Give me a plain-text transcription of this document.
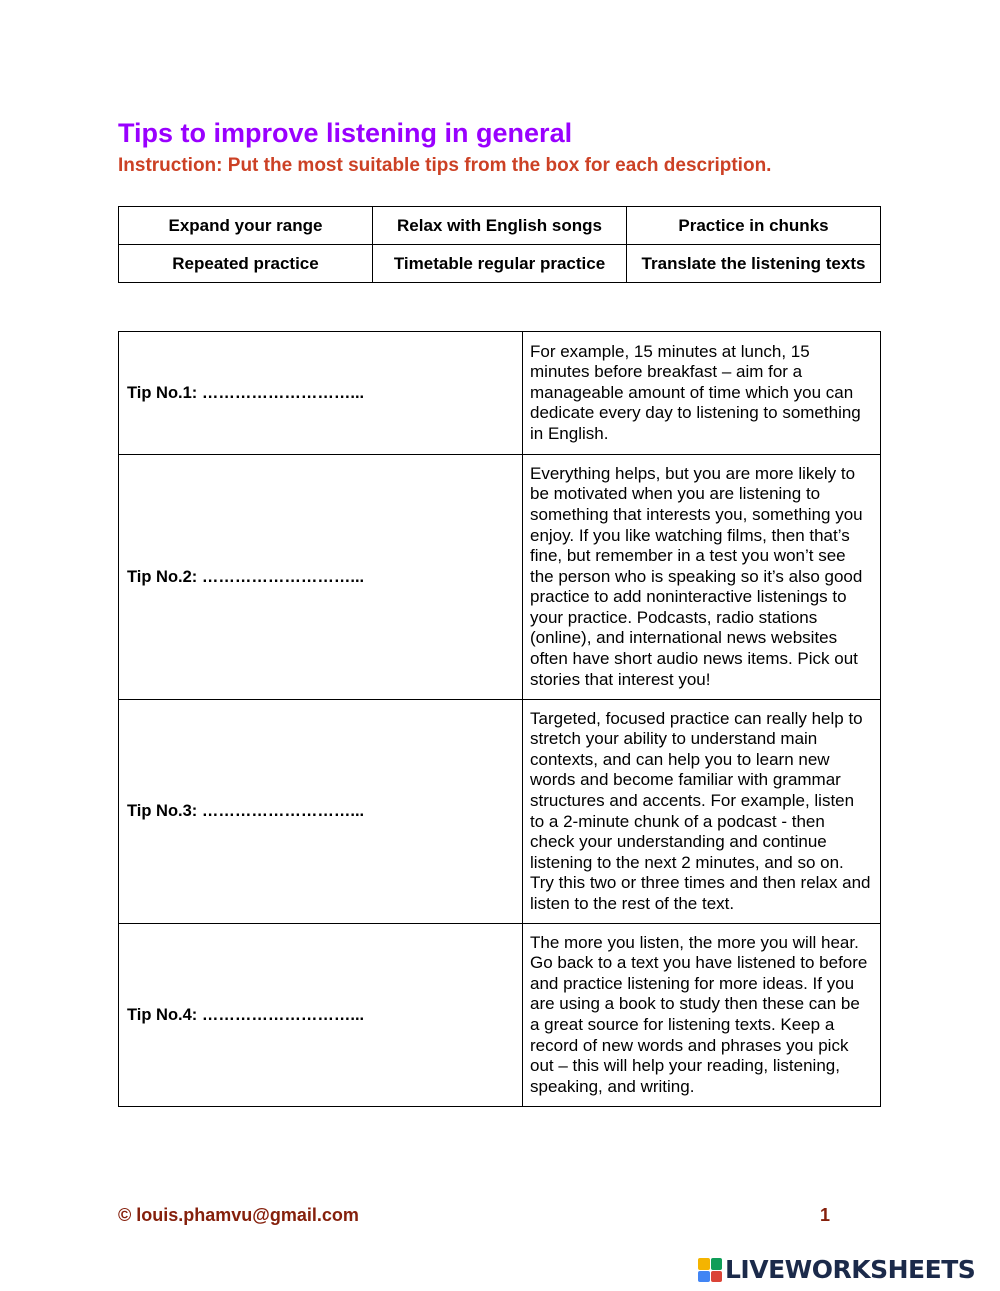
Tips to improve listening in general

Instruction: Put the most suitable tips from the box for each description.

Expand your range	Relax with English songs	Practice in chunks
Repeated practice	Timetable regular practice	Translate the listening texts
Tip No.1: ………………………...	For example, 15 minutes at lunch, 15 minutes before breakfast – aim for a manageable amount of time which you can dedicate every day to listening to something in English.
Tip No.2: ………………………...	Everything helps, but you are more likely to be motivated when you are listening to something that interests you, something you enjoy. If you like watching films, then that’s fine, but remember in a test you won’t see the person who is speaking so it’s also good practice to add noninteractive listenings to your practice. Podcasts, radio stations (online), and international news websites often have short audio news items. Pick out stories that interest you!
Tip No.3: ………………………...	Targeted, focused practice can really help to stretch your ability to understand main contexts, and can help you to learn new words and become familiar with grammar structures and accents. For example, listen to a 2-minute chunk of a podcast - then check your understanding and continue listening to the next 2 minutes, and so on. Try this two or three times and then relax and listen to the rest of the text.
Tip No.4: ………………………...	The more you listen, the more you will hear. Go back to a text you have listened to before and practice listening for more ideas. If you are using a book to study then these can be a great source for listening texts. Keep a record of new words and phrases you pick out – this will help your reading, listening, speaking, and writing.
© louis.phamvu@gmail.com	1
LIVEWORKSHEETS
